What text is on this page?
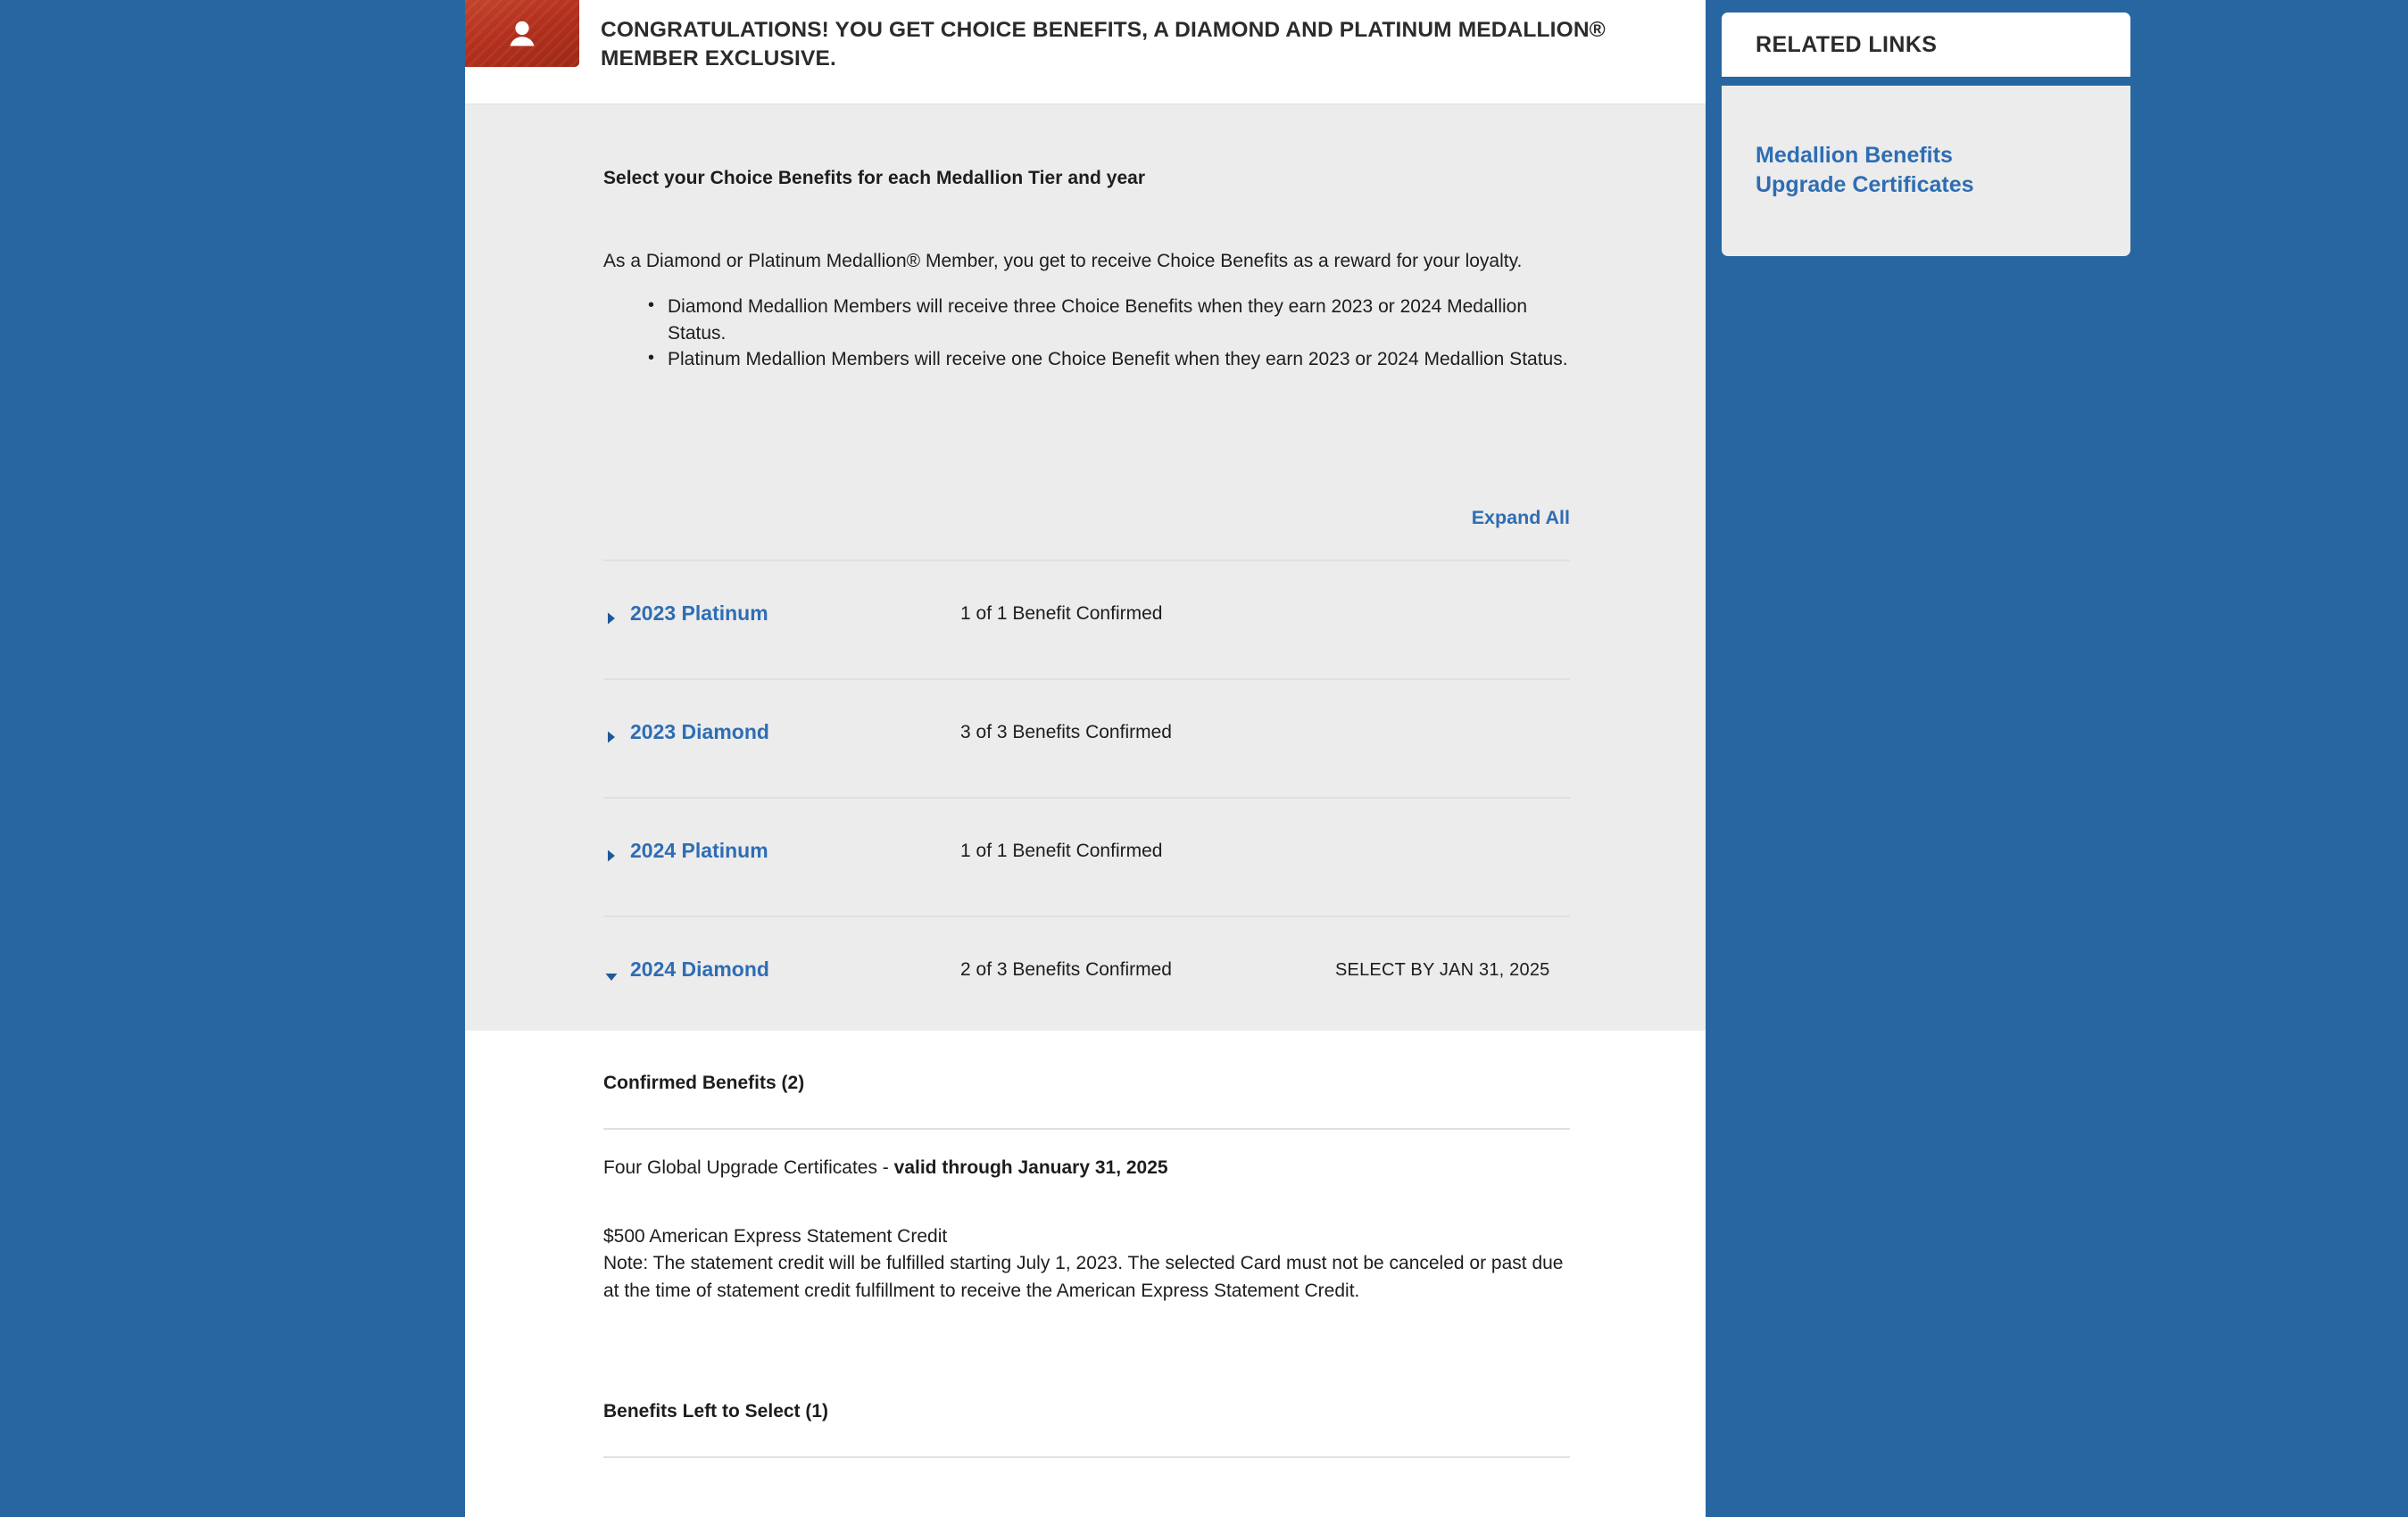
CONGRATULATIONS! YOU GET CHOICE BENEFITS, A DIAMOND AND PLATINUM MEDALLION® MEMBER EXCLUSIVE.
Select your Choice Benefits for each Medallion Tier and year

As a Diamond or Platinum Medallion® Member, you get to receive Choice Benefits as a reward for your loyalty.

• Diamond Medallion Members will receive three Choice Benefits when they earn 2023 or 2024 Medallion Status.
• Platinum Medallion Members will receive one Choice Benefit when they earn 2023 or 2024 Medallion Status.
Expand All
2023 Platinum	1 of 1 Benefit Confirmed
2023 Diamond	3 of 3 Benefits Confirmed
2024 Platinum	1 of 1 Benefit Confirmed
2024 Diamond	2 of 3 Benefits Confirmed	SELECT BY JAN 31, 2025
Confirmed Benefits (2)
Four Global Upgrade Certificates - valid through January 31, 2025
$500 American Express Statement Credit
Note: The statement credit will be fulfilled starting July 1, 2023. The selected Card must not be canceled or past due at the time of statement credit fulfillment to receive the American Express Statement Credit.
Benefits Left to Select (1)
RELATED LINKS
Medallion Benefits
Upgrade Certificates
